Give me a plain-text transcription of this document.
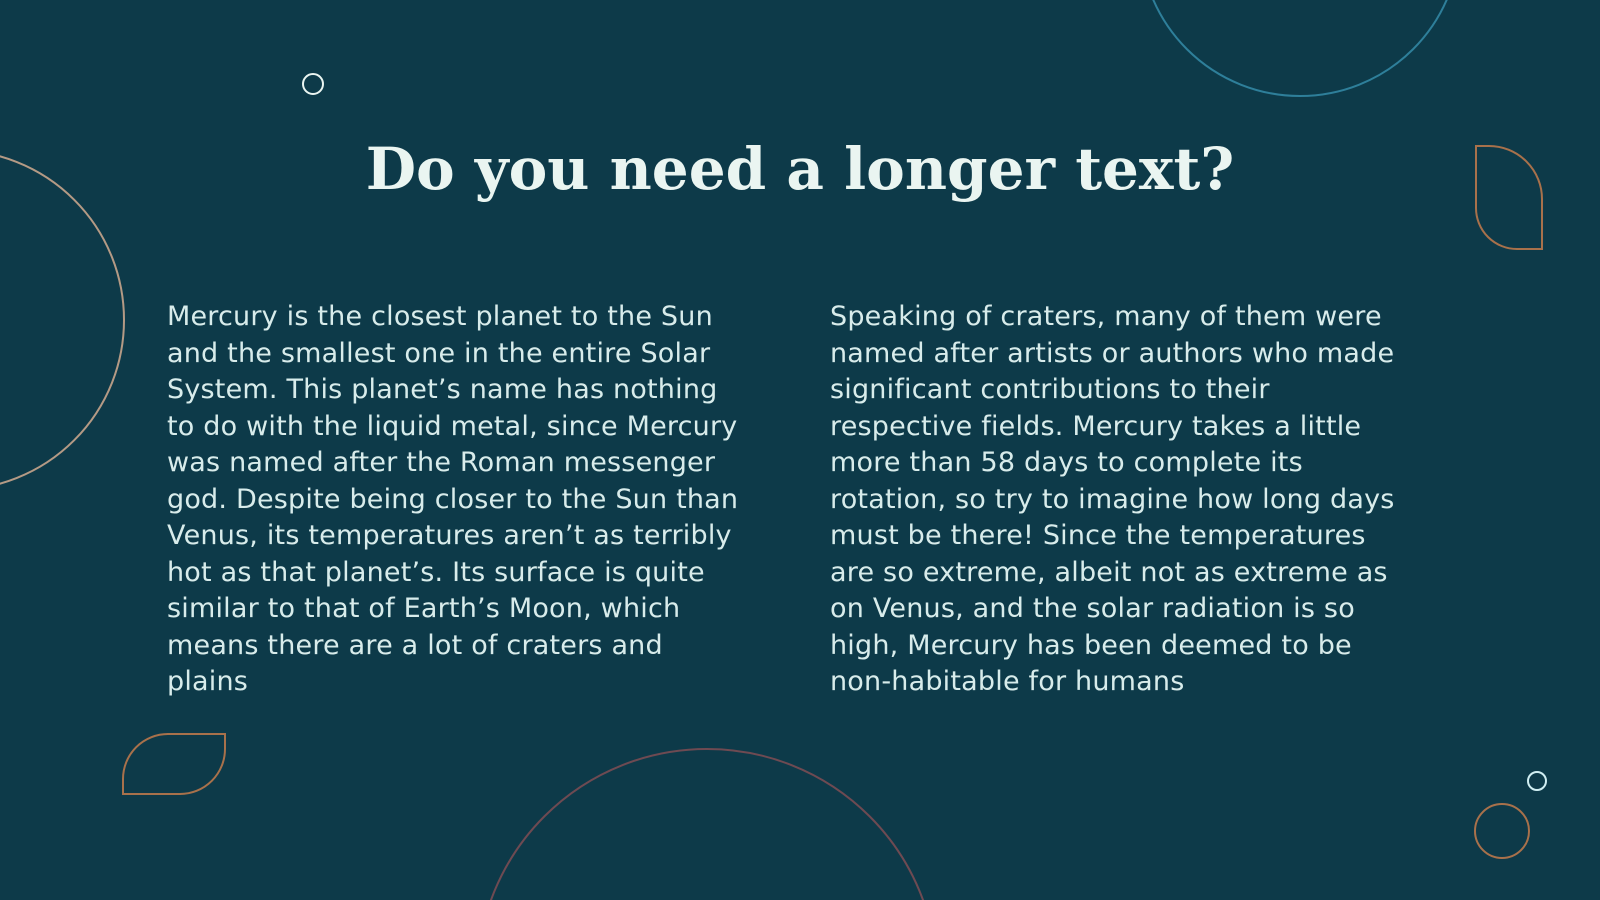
Do you need a longer text?

Mercury is the closest planet to the Sun and the smallest one in the entire Solar System. This planet’s name has nothing to do with the liquid metal, since Mercury was named after the Roman messenger god. Despite being closer to the Sun than Venus, its temperatures aren’t as terribly hot as that planet’s. Its surface is quite similar to that of Earth’s Moon, which means there are a lot of craters and plains

Speaking of craters, many of them were named after artists or authors who made significant contributions to their respective fields. Mercury takes a little more than 58 days to complete its rotation, so try to imagine how long days must be there! Since the temperatures are so extreme, albeit not as extreme as on Venus, and the solar radiation is so high, Mercury has been deemed to be non-habitable for humans
